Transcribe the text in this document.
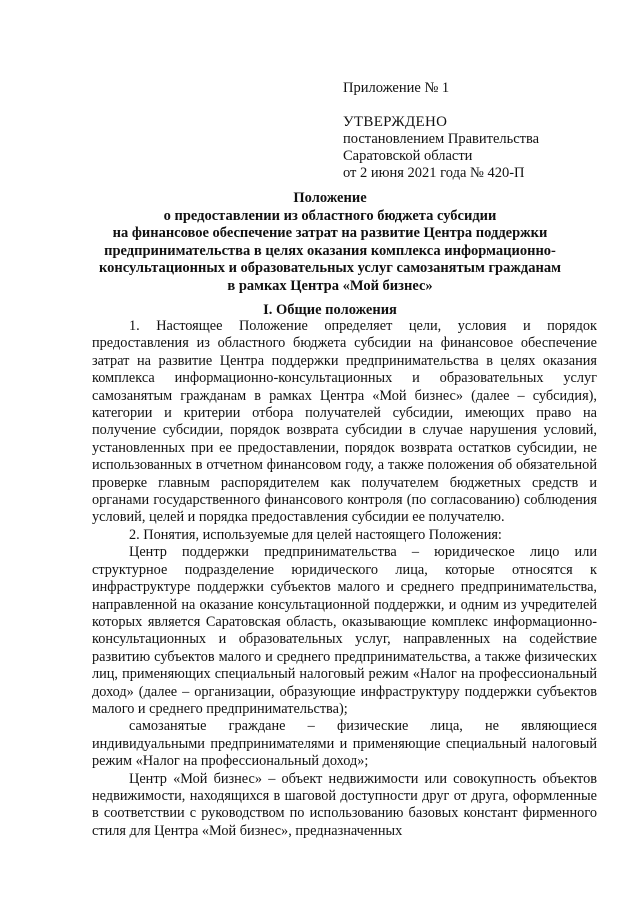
Приложение № 1
УТВЕРЖДЕНО
постановлением Правительства
Саратовской области
от 2 июня 2021 года № 420-П
Положение
о предоставлении из областного бюджета субсидии
на финансовое обеспечение затрат на развитие Центра поддержки
предпринимательства в целях оказания комплекса информационно-
консультационных и образовательных услуг самозанятым гражданам
в рамках Центра «Мой бизнес»
I. Общие положения

1. Настоящее Положение определяет цели, условия и порядок предоставления из областного бюджета субсидии на финансовое обеспечение затрат на развитие Центра поддержки предпринимательства в целях оказания комплекса информационно-консультационных и образовательных услуг самозанятым гражданам в рамках Центра «Мой бизнес» (далее – субсидия), категории и критерии отбора получателей субсидии, имеющих право на получение субсидии, порядок возврата субсидии в случае нарушения условий, установленных при ее предоставлении, порядок возврата остатков субсидии, не использованных в отчетном финансовом году, а также положения об обязательной проверке главным распорядителем как получателем бюджетных средств и органами государственного финансового контроля (по согласованию) соблюдения условий, целей и порядка предоставления субсидии ее получателю.

2. Понятия, используемые для целей настоящего Положения:

Центр поддержки предпринимательства – юридическое лицо или структурное подразделение юридического лица, которые относятся к инфраструктуре поддержки субъектов малого и среднего предпринимательства, направленной на оказание консультационной поддержки, и одним из учредителей которых является Саратовская область, оказывающие комплекс информационно-консультационных и образовательных услуг, направленных на содействие развитию субъектов малого и среднего предпринимательства, а также физических лиц, применяющих специальный налоговый режим «Налог на профессиональный доход» (далее – организации, образующие инфраструктуру поддержки субъектов малого и среднего предпринимательства);

самозанятые граждане – физические лица, не являющиеся индивидуальными предпринимателями и применяющие специальный налоговый режим «Налог на профессиональный доход»;

Центр «Мой бизнес» – объект недвижимости или совокупность объектов недвижимости, находящихся в шаговой доступности друг от друга, оформленные в соответствии с руководством по использованию базовых констант фирменного стиля для Центра «Мой бизнес», предназначенных
